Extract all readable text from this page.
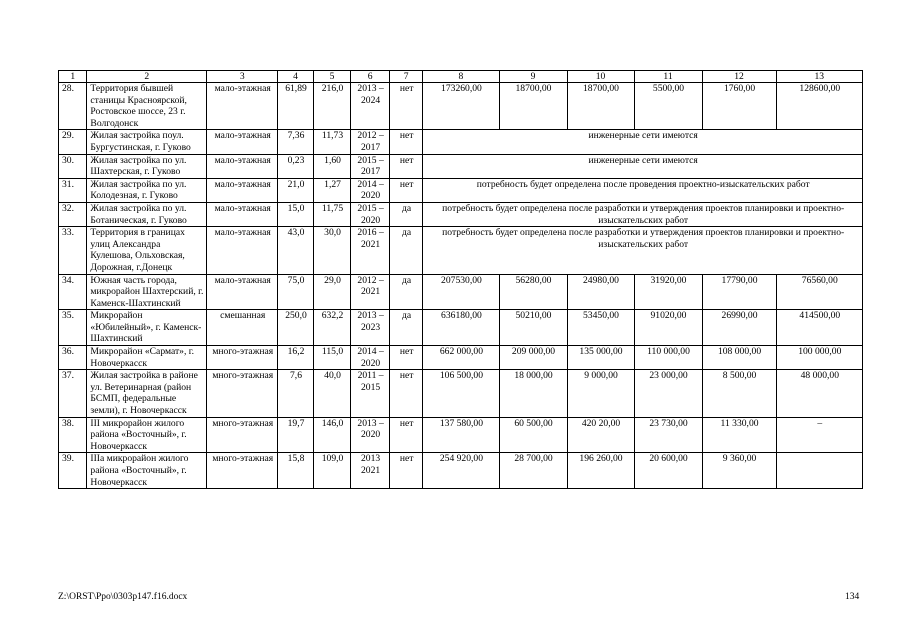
1	2	3	4	5	6	7	8	9	10	11	12	13
28.	Территория бывшей станицы Красноярской, Ростовское шоссе, 23 г. Волгодонск	мало-этажная	61,89	216,0	2013 – 2024	нет	173260,00	18700,00	18700,00	5500,00	1760,00	128600,00
29.	Жилая застройка поул. Бургустинская, г. Гуково	мало-этажная	7,36	11,73	2012 – 2017	нет	инженерные сети имеются					
30.	Жилая застройка по ул. Шахтерская, г. Гуково	мало-этажная	0,23	1,60	2015 – 2017	нет	инженерные сети имеются					
31.	Жилая застройка по ул. Колодезная, г. Гуково	мало-этажная	21,0	1,27	2014 – 2020	нет	потребность будет определена после проведения проектно-изыскательских работ					
32.	Жилая застройка по ул. Ботаническая, г. Гуково	мало-этажная	15,0	11,75	2015 – 2020	да	потребность будет определена после разработки и утверждения проектов планировки и проектно-изыскательских работ					
33.	Территория в границах улиц Александра Кулешова, Ольховская, Дорожная, г.Донецк	мало-этажная	43,0	30,0	2016 – 2021	да	потребность будет определена после разработки и утверждения проектов планировки и проектно-изыскательских работ					
34.	Южная часть города, микрорайон Шахтерский, г. Каменск-Шахтинский	мало-этажная	75,0	29,0	2012 – 2021	да	207530,00	56280,00	24980,00	31920,00	17790,00	76560,00
35.	Микрорайон «Юбилейный», г. Каменск-Шахтинский	смешанная	250,0	632,2	2013 – 2023	да	636180,00	50210,00	53450,00	91020,00	26990,00	414500,00
36.	Микрорайон «Сармат», г. Новочеркасск	много-этажная	16,2	115,0	2014 – 2020	нет	662 000,00	209 000,00	135 000,00	110 000,00	108 000,00	100 000,00
37.	Жилая застройка в районе ул. Ветеринарная (район БСМП, федеральные земли), г. Новочеркасск	много-этажная	7,6	40,0	2011 – 2015	нет	106 500,00	18 000,00	9 000,00	23 000,00	8 500,00	48 000,00
38.	III микрорайон жилого района «Восточный», г. Новочеркасск	много-этажная	19,7	146,0	2013 – 2020	нет	137 580,00	60 500,00	420 20,00	23 730,00	11 330,00	–
39.	IIIa микрорайон жилого района «Восточный», г. Новочеркасск	много-этажная	15,8	109,0	2013 2021	нет	254 920,00	28 700,00	196 260,00	20 600,00	9 360,00	
Z:\ORST\Ppo\0303p147.f16.docx	134
